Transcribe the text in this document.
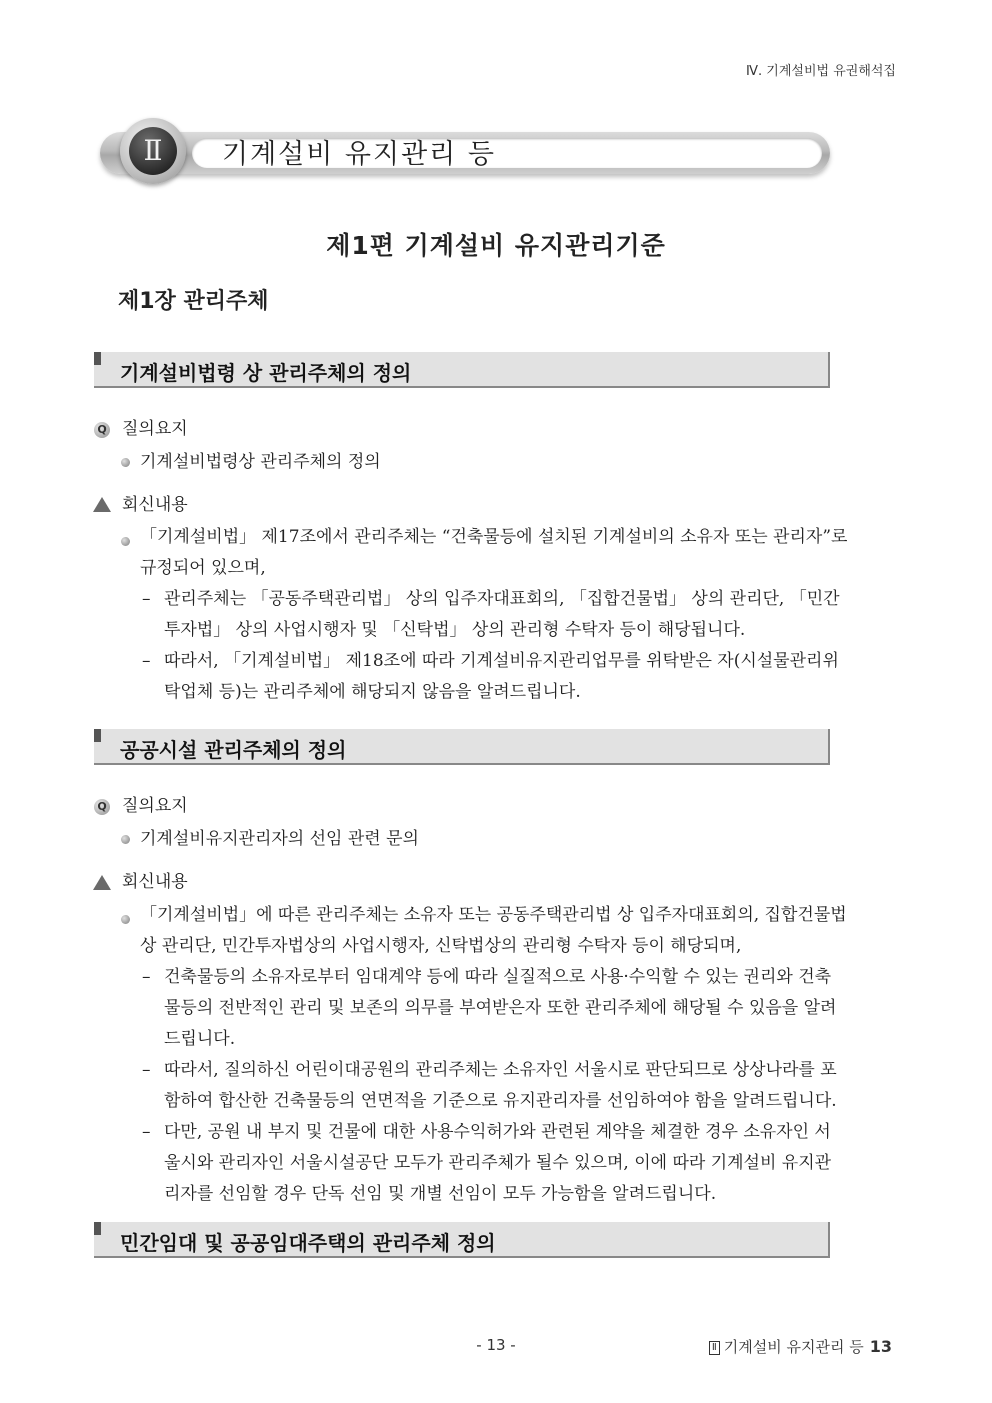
Ⅳ. 기계설비법 유권해석집
기계설비 유지관리 등
Ⅱ
제1편 기계설비 유지관리기준
제1장 관리주체
기계설비법령 상 관리주체의 정의
Q 질의요지
기계설비법령상 관리주체의 정의
회신내용
「기계설비법」 제17조에서 관리주체는 “건축물등에 설치된 기계설비의 소유자 또는 관리자”로
규정되어 있으며,
– 관리주체는 「공동주택관리법」 상의 입주자대표회의, 「집합건물법」 상의 관리단, 「민간
투자법」 상의 사업시행자 및 「신탁법」 상의 관리형 수탁자 등이 해당됩니다.
– 따라서, 「기계설비법」 제18조에 따라 기계설비유지관리업무를 위탁받은 자(시설물관리위
탁업체 등)는 관리주체에 해당되지 않음을 알려드립니다.
공공시설 관리주체의 정의
Q 질의요지
기계설비유지관리자의 선임 관련 문의
회신내용
「기계설비법」에 따른 관리주체는 소유자 또는 공동주택관리법 상 입주자대표회의, 집합건물법
상 관리단, 민간투자법상의 사업시행자, 신탁법상의 관리형 수탁자 등이 해당되며,
– 건축물등의 소유자로부터 임대계약 등에 따라 실질적으로 사용·수익할 수 있는 권리와 건축
물등의 전반적인 관리 및 보존의 의무를 부여받은자 또한 관리주체에 해당될 수 있음을 알려
드립니다.
– 따라서, 질의하신 어린이대공원의 관리주체는 소유자인 서울시로 판단되므로 상상나라를 포
함하여 합산한 건축물등의 연면적을 기준으로 유지관리자를 선임하여야 함을 알려드립니다.
– 다만, 공원 내 부지 및 건물에 대한 사용수익허가와 관련된 계약을 체결한 경우 소유자인 서
울시와 관리자인 서울시설공단 모두가 관리주체가 될수 있으며, 이에 따라 기계설비 유지관
리자를 선임할 경우 단독 선임 및 개별 선임이 모두 가능함을 알려드립니다.
민간임대 및 공공임대주택의 관리주체 정의
- 13 -	Ⅱ 기계설비 유지관리 등 13
